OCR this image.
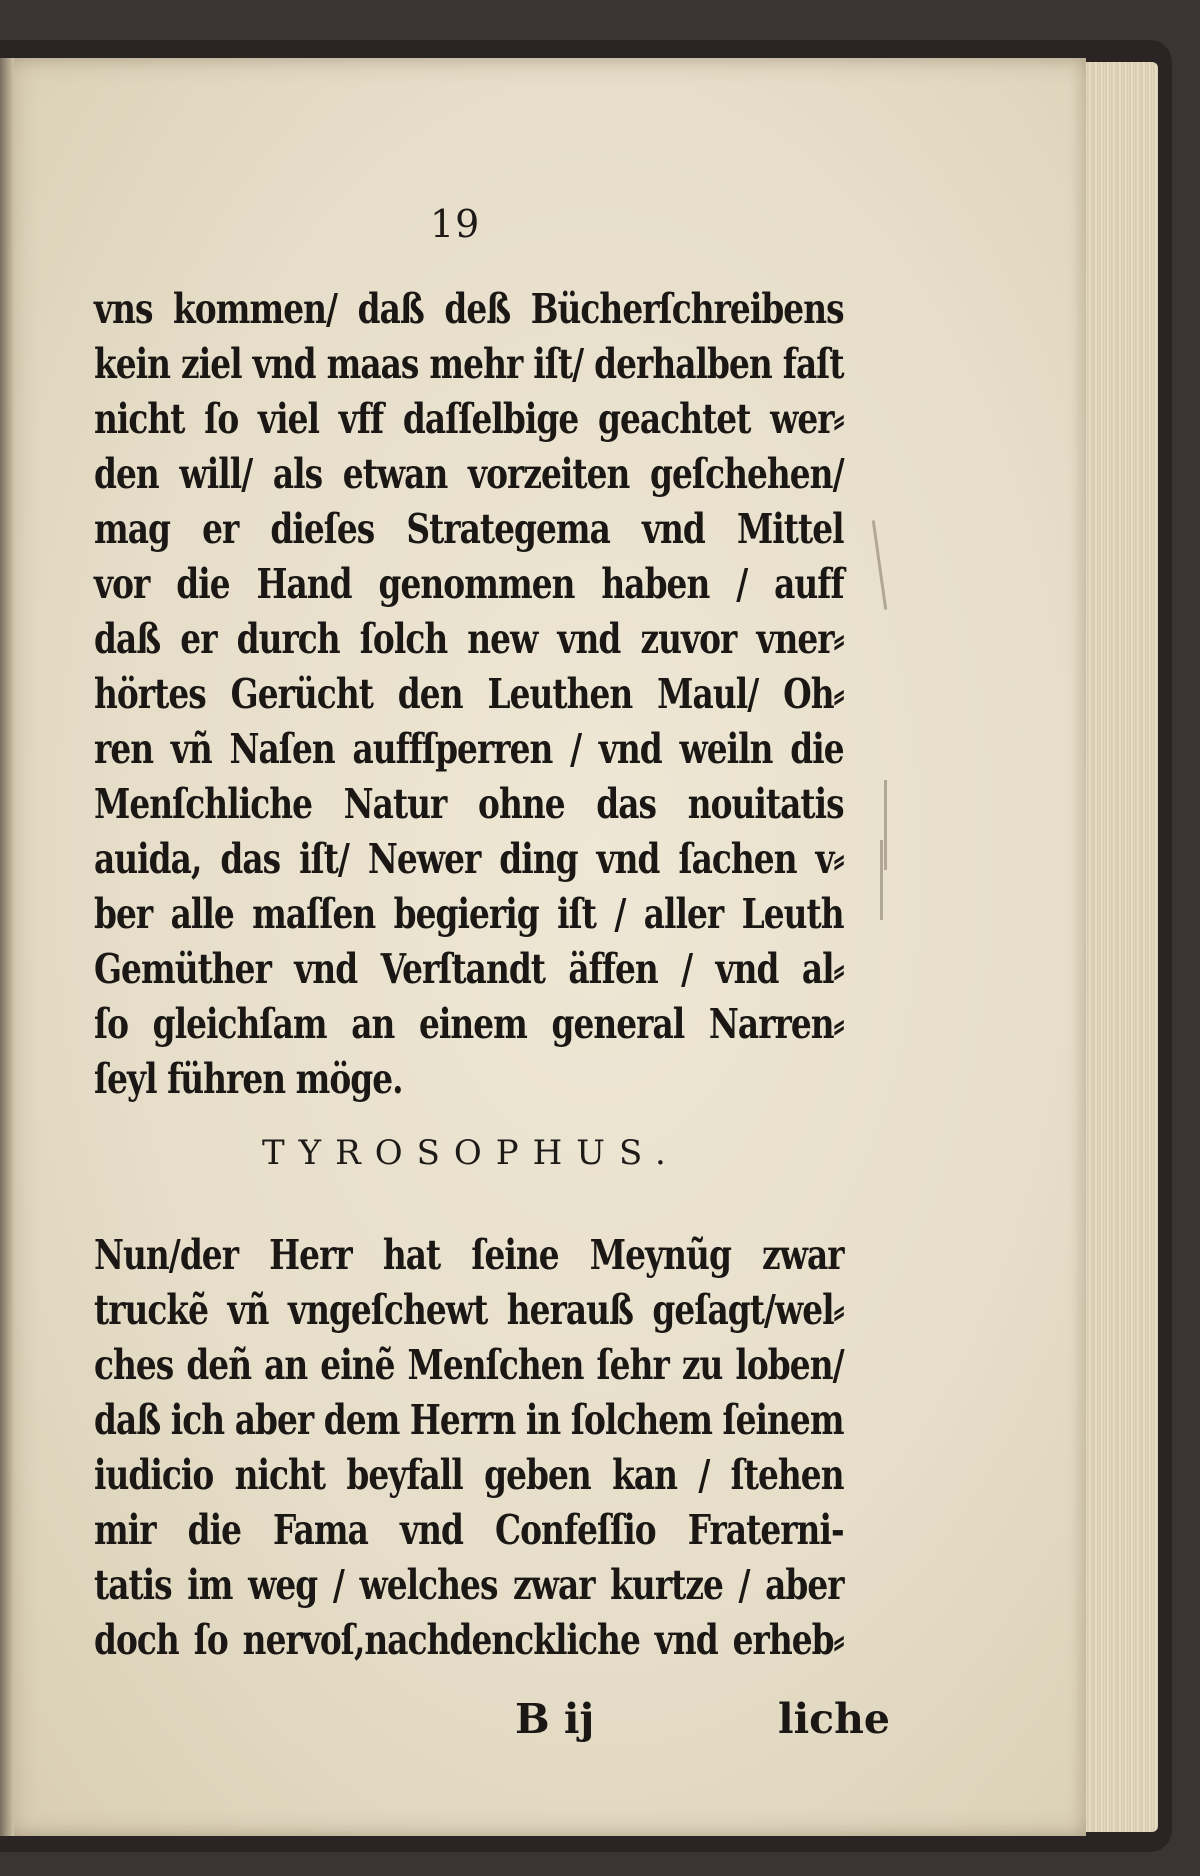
19
vns kommen/ daß deß Bücherſchreibens
kein ziel vnd maas mehr iſt/ derhalben faſt
nicht ſo viel vff daſſelbige geachtet wer⸗
den will/ als etwan vorzeiten geſchehen/
mag er dieſes Strategema vnd Mittel
vor die Hand genommen haben / auff
daß er durch ſolch new vnd zuvor vner⸗
hörtes Gerücht den Leuthen Maul/ Oh⸗
ren vñ Naſen auffſperren / vnd weiln die
Menſchliche Natur ohne das nouitatis
auida, das iſt/ Newer ding vnd ſachen v⸗
ber alle maſſen begierig iſt / aller Leuth
Gemüther vnd Verſtandt äffen / vnd al⸗
ſo gleichſam an einem general Narren⸗
ſeyl führen möge.
TYROSOPHUS.
Nun/der Herr hat ſeine Meynũg zwar
truckẽ vñ vngeſchewt herauß geſagt/wel⸗
ches deñ an einẽ Menſchen ſehr zu loben/
daß ich aber dem Herrn in ſolchem ſeinem
iudicio nicht beyfall geben kan / ſtehen
mir die Fama vnd Confeſſio Fraterni-
tatis im weg / welches zwar kurtze / aber
doch ſo nervoſ,nachdenckliche vnd erheb⸗
B ij	liche
